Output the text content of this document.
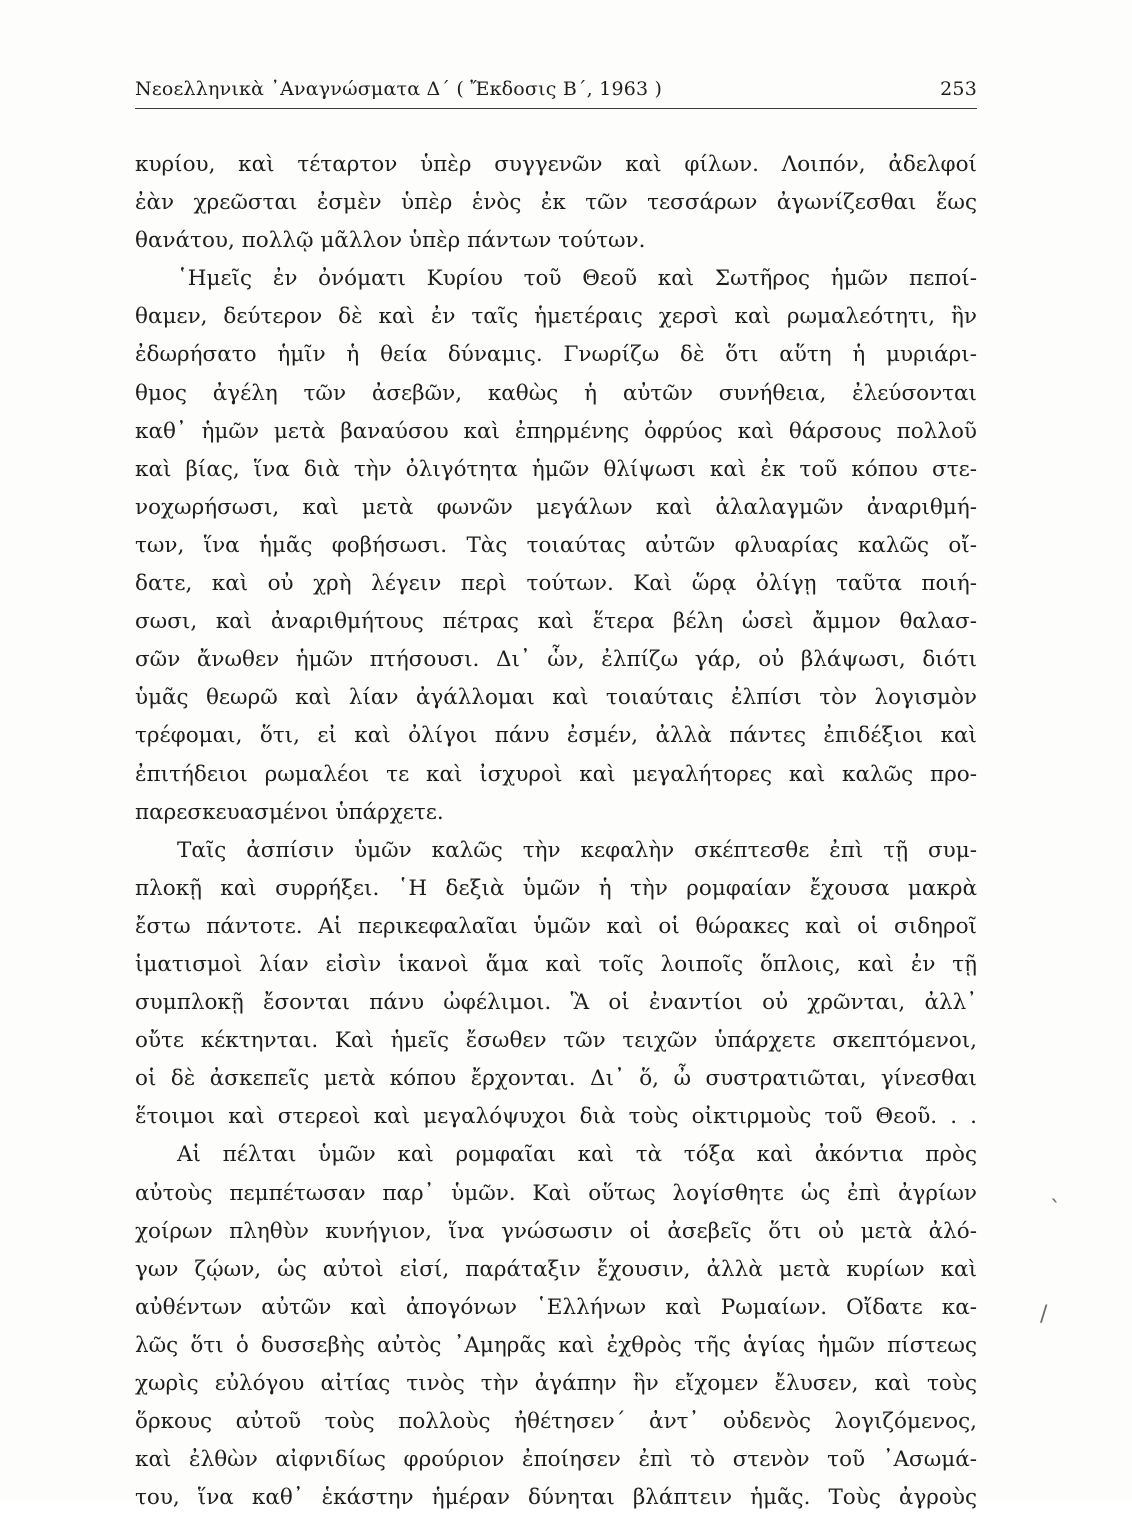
Νεοελληνικὰ ᾿Αναγνώσματα Δ΄ ( Ἔκδοσις Β΄, 1963 )	253
κυρίου, καὶ τέταρτον ὑπὲρ συγγενῶν καὶ φίλων. Λοιπόν, ἀδελφοί
ἐὰν χρεῶσται ἐσμὲν ὑπὲρ ἑνὸς ἐκ τῶν τεσσάρων ἀγωνίζεσθαι ἕως
θανάτου, πολλῷ μᾶλλον ὑπὲρ πάντων τούτων.
῾Ημεῖς ἐν ὀνόματι Κυρίου τοῦ Θεοῦ καὶ Σωτῆρος ἡμῶν πεποί-
θαμεν, δεύτερον δὲ καὶ ἐν ταῖς ἡμετέραις χερσὶ καὶ ρωμαλεότητι, ἣν
ἐδωρήσατο ἡμῖν ἡ θεία δύναμις. Γνωρίζω δὲ ὅτι αὕτη ἡ μυριάρι-
θμος ἀγέλη τῶν ἀσεβῶν, καθὼς ἡ αὐτῶν συνήθεια, ἐλεύσονται
καθ᾿ ἡμῶν μετὰ βαναύσου καὶ ἐπηρμένης ὀφρύος καὶ θάρσους πολλοῦ
καὶ βίας, ἵνα διὰ τὴν ὀλιγότητα ἡμῶν θλίψωσι καὶ ἐκ τοῦ κόπου στε-
νοχωρήσωσι, καὶ μετὰ φωνῶν μεγάλων καὶ ἀλαλαγμῶν ἀναριθμή-
των, ἵνα ἡμᾶς φοβήσωσι. Τὰς τοιαύτας αὐτῶν φλυαρίας καλῶς οἴ-
δατε, καὶ οὐ χρὴ λέγειν περὶ τούτων. Καὶ ὥρᾳ ὀλίγῃ ταῦτα ποιή-
σωσι, καὶ ἀναριθμήτους πέτρας καὶ ἕτερα βέλη ὡσεὶ ἄμμον θαλασ-
σῶν ἄνωθεν ἡμῶν πτήσουσι. Δι᾿ ὧν, ἐλπίζω γάρ, οὐ βλάψωσι, διότι
ὑμᾶς θεωρῶ καὶ λίαν ἀγάλλομαι καὶ τοιαύταις ἐλπίσι τὸν λογισμὸν
τρέφομαι, ὅτι, εἰ καὶ ὀλίγοι πάνυ ἐσμέν, ἀλλὰ πάντες ἐπιδέξιοι καὶ
ἐπιτήδειοι ρωμαλέοι τε καὶ ἰσχυροὶ καὶ μεγαλήτορες καὶ καλῶς προ-
παρεσκευασμένοι ὑπάρχετε.
Ταῖς ἀσπίσιν ὑμῶν καλῶς τὴν κεφαλὴν σκέπτεσθε ἐπὶ τῇ συμ-
πλοκῇ καὶ συρρήξει. ῾Η δεξιὰ ὑμῶν ἡ τὴν ρομφαίαν ἔχουσα μακρὰ
ἔστω πάντοτε. Αἱ περικεφαλαῖαι ὑμῶν καὶ οἱ θώρακες καὶ οἱ σιδηροῖ
ἱματισμοὶ λίαν εἰσὶν ἱκανοὶ ἅμα καὶ τοῖς λοιποῖς ὅπλοις, καὶ ἐν τῇ
συμπλοκῇ ἔσονται πάνυ ὠφέλιμοι. Ἃ οἱ ἐναντίοι οὐ χρῶνται, ἀλλ᾿
οὔτε κέκτηνται. Καὶ ἡμεῖς ἔσωθεν τῶν τειχῶν ὑπάρχετε σκεπτόμενοι,
οἱ δὲ ἀσκεπεῖς μετὰ κόπου ἔρχονται. Δι᾿ ὅ, ὦ συστρατιῶται, γίνεσθαι
ἕτοιμοι καὶ στερεοὶ καὶ μεγαλόψυχοι διὰ τοὺς οἰκτιρμοὺς τοῦ Θεοῦ. . .
Αἱ πέλται ὑμῶν καὶ ρομφαῖαι καὶ τὰ τόξα καὶ ἀκόντια πρὸς
αὐτοὺς πεμπέτωσαν παρ᾿ ὑμῶν. Καὶ οὕτως λογίσθητε ὡς ἐπὶ ἀγρίων
χοίρων πληθὺν κυνήγιον, ἵνα γνώσωσιν οἱ ἀσεβεῖς ὅτι οὐ μετὰ ἀλό-
γων ζῴων, ὡς αὐτοὶ εἰσί, παράταξιν ἔχουσιν, ἀλλὰ μετὰ κυρίων καὶ
αὐθέντων αὐτῶν καὶ ἀπογόνων ῾Ελλήνων καὶ Ρωμαίων. Οἴδατε κα-
λῶς ὅτι ὁ δυσσεβὴς αὐτὸς ᾿Αμηρᾶς καὶ ἐχθρὸς τῆς ἁγίας ἡμῶν πίστεως
χωρὶς εὐλόγου αἰτίας τινὸς τὴν ἀγάπην ἣν εἴχομεν ἔλυσεν, καὶ τοὺς
ὅρκους αὐτοῦ τοὺς πολλοὺς ἠθέτησεν΄ ἀντ᾿ οὐδενὸς λογιζόμενος,
καὶ ἐλθὼν αἰφνιδίως φρούριον ἐποίησεν ἐπὶ τὸ στενὸν τοῦ ᾿Ασωμά-
του, ἵνα καθ᾿ ἑκάστην ἡμέραν δύνηται βλάπτειν ἡμᾶς. Τοὺς ἀγροὺς
ˎ
/
